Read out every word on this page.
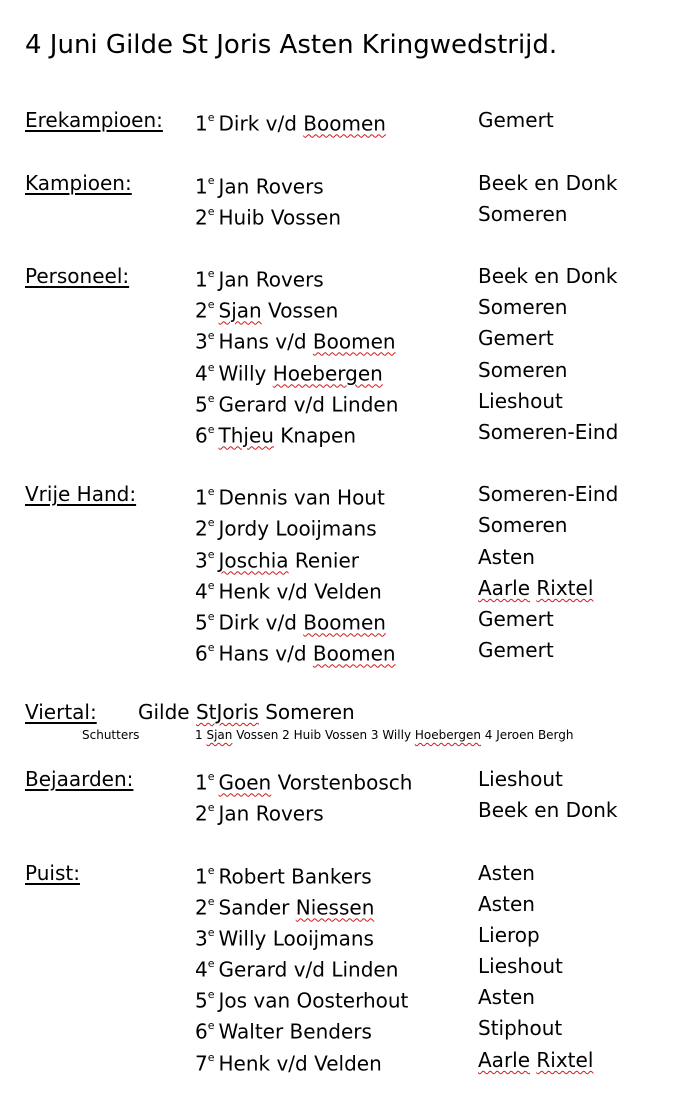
4 Juni Gilde St Joris Asten Kringwedstrijd.
Erekampioen: 1e Dirk v/d Boomen	Gemert
Kampioen:	1e Jan Rovers	Beek en Donk
2e Huib Vossen	Someren
Personeel:	1e Jan Rovers	Beek en Donk
2e Sjan Vossen	Someren
3e Hans v/d Boomen	Gemert
4e Willy Hoebergen	Someren
5e Gerard v/d Linden	Lieshout
6e Thjeu Knapen	Someren-Eind
Vrije Hand:	1e Dennis van Hout	Someren-Eind
2e Jordy Looijmans	Someren
3e Joschia Renier	Asten
4e Henk v/d Velden	Aarle Rixtel
5e Dirk v/d Boomen	Gemert
6e Hans v/d Boomen	Gemert
Viertal: Gilde StJoris Someren
Schutters	1 Sjan Vossen 2 Huib Vossen 3 Willy Hoebergen 4 Jeroen Bergh
Bejaarden:	1e Goen Vorstenbosch	Lieshout
2e Jan Rovers	Beek en Donk
Puist:	1e Robert Bankers	Asten
2e Sander Niessen	Asten
3e Willy Looijmans	Lierop
4e Gerard v/d Linden	Lieshout
5e Jos van Oosterhout	Asten
6e Walter Benders	Stiphout
7e Henk v/d Velden	Aarle Rixtel
